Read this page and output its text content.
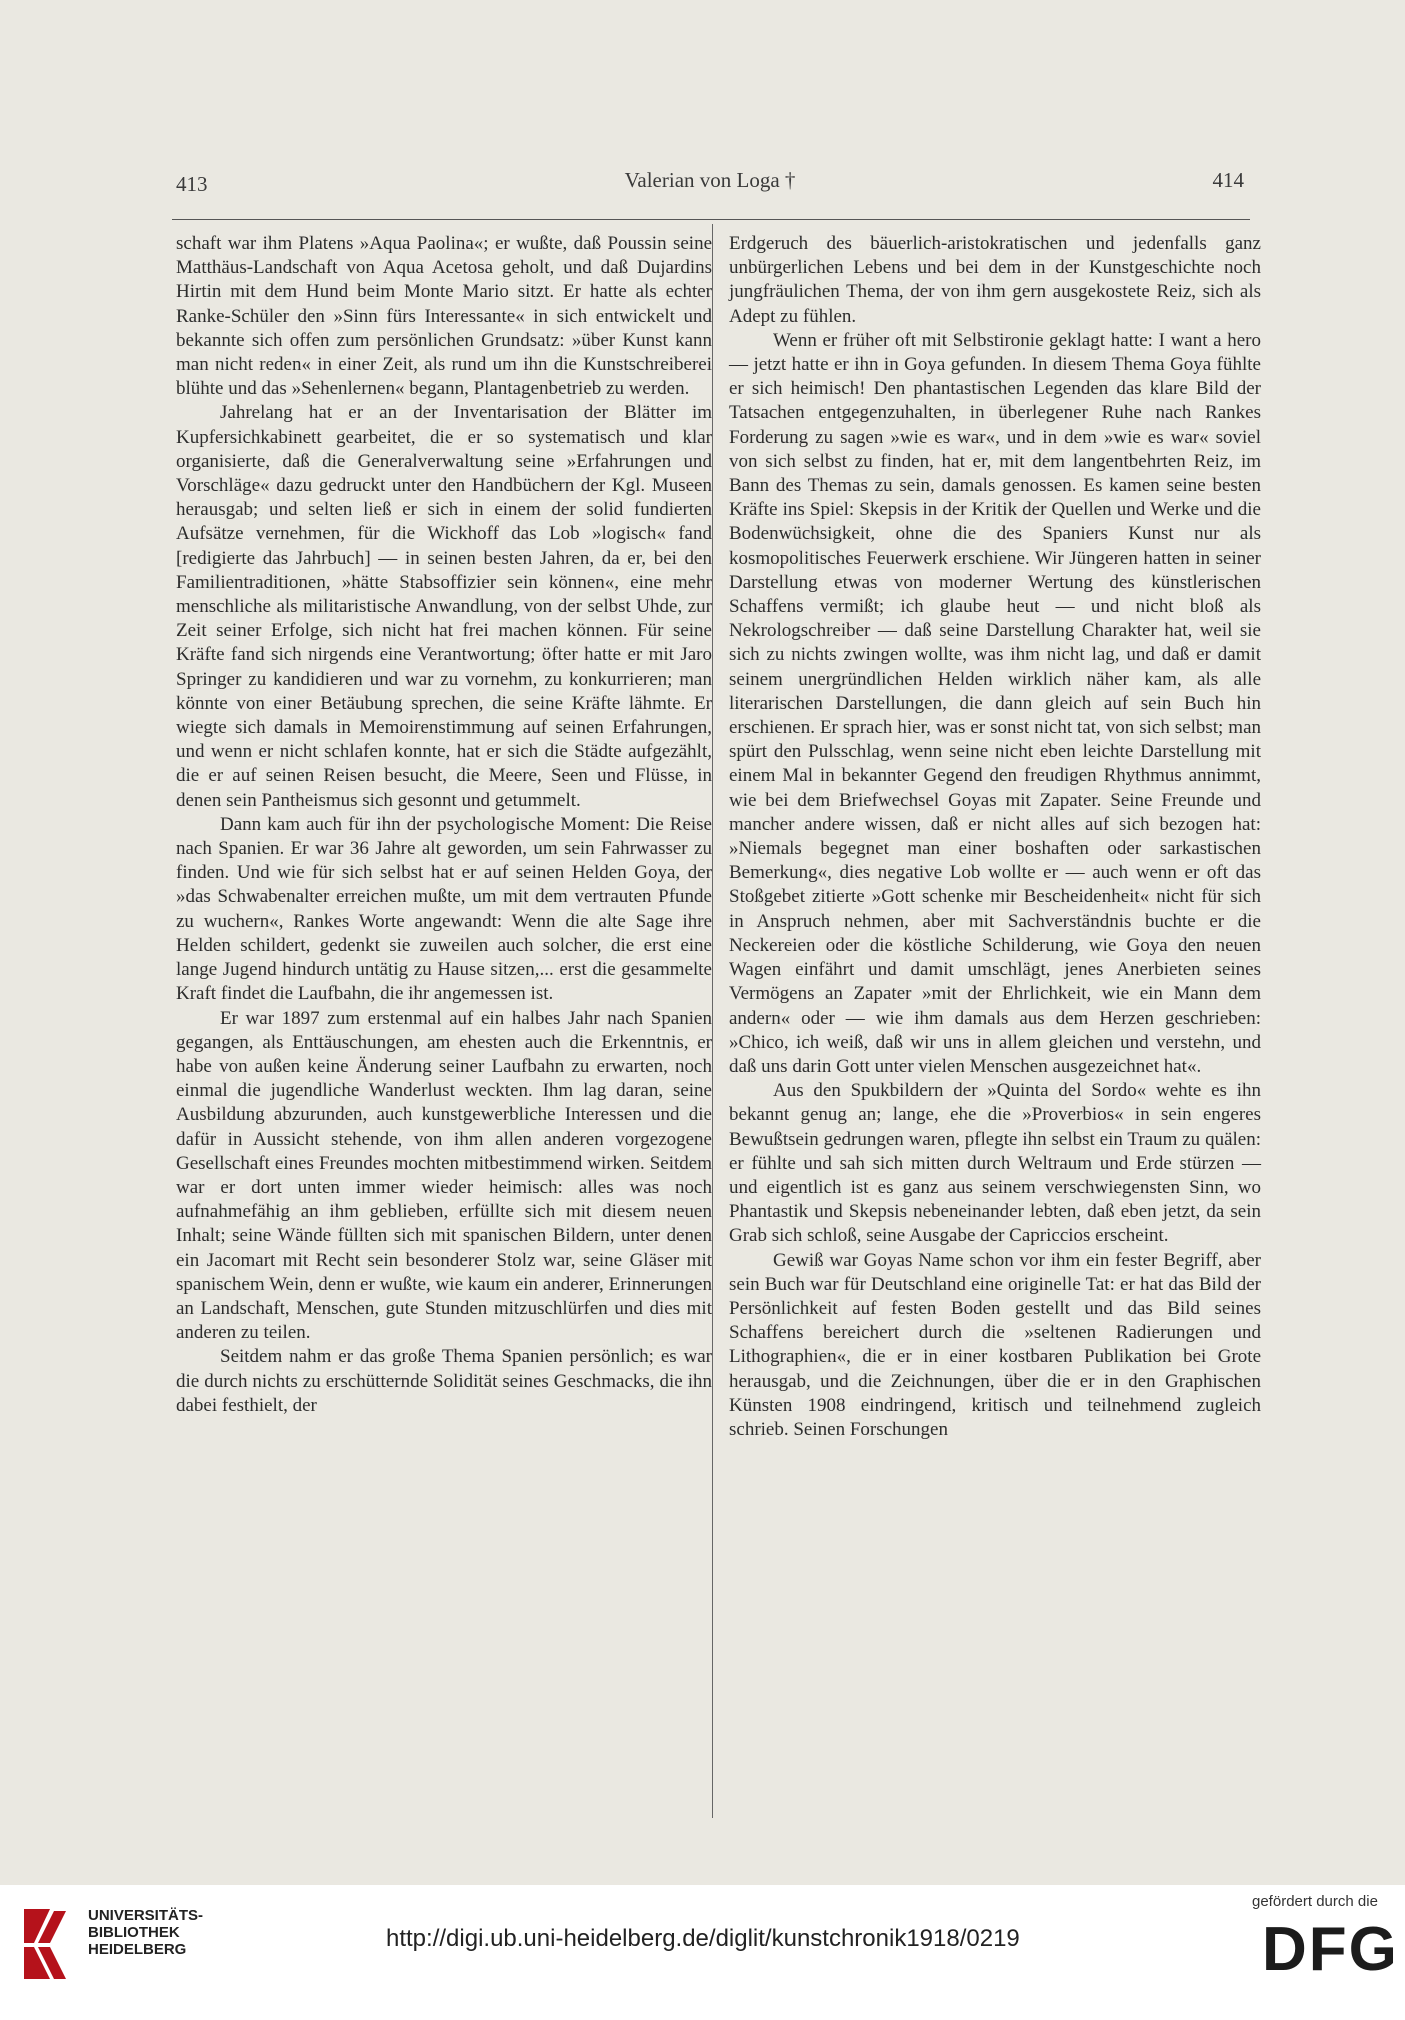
413	Valerian von Loga †	414

schaft war ihm Platens »Aqua Paolina«; er wußte, daß Poussin seine Matthäus-Landschaft von Aqua Acetosa geholt, und daß Dujardins Hirtin mit dem Hund beim Monte Mario sitzt. Er hatte als echter Ranke-Schüler den »Sinn fürs Interessante« in sich entwickelt und bekannte sich offen zum persönlichen Grundsatz: »über Kunst kann man nicht reden« in einer Zeit, als rund um ihn die Kunstschreiberei blühte und das »Sehenlernen« begann, Plantagenbetrieb zu werden.

Jahrelang hat er an der Inventarisation der Blätter im Kupfersichkabinett gearbeitet, die er so systematisch und klar organisierte, daß die Generalverwaltung seine »Erfahrungen und Vorschläge« dazu gedruckt unter den Handbüchern der Kgl. Museen herausgab; und selten ließ er sich in einem der solid fundierten Aufsätze vernehmen, für die Wickhoff das Lob »logisch« fand [redigierte das Jahrbuch] — in seinen besten Jahren, da er, bei den Familientraditionen, »hätte Stabsoffizier sein können«, eine mehr menschliche als militaristische Anwandlung, von der selbst Uhde, zur Zeit seiner Erfolge, sich nicht hat frei machen können. Für seine Kräfte fand sich nirgends eine Verantwortung; öfter hatte er mit Jaro Springer zu kandidieren und war zu vornehm, zu konkurrieren; man könnte von einer Betäubung sprechen, die seine Kräfte lähmte. Er wiegte sich damals in Memoirenstimmung auf seinen Erfahrungen, und wenn er nicht schlafen konnte, hat er sich die Städte aufgezählt, die er auf seinen Reisen besucht, die Meere, Seen und Flüsse, in denen sein Pantheismus sich gesonnt und getummelt.

Dann kam auch für ihn der psychologische Moment: Die Reise nach Spanien. Er war 36 Jahre alt geworden, um sein Fahrwasser zu finden. Und wie für sich selbst hat er auf seinen Helden Goya, der »das Schwabenalter erreichen mußte, um mit dem vertrauten Pfunde zu wuchern«, Rankes Worte angewandt: Wenn die alte Sage ihre Helden schildert, gedenkt sie zuweilen auch solcher, die erst eine lange Jugend hindurch untätig zu Hause sitzen,... erst die gesammelte Kraft findet die Laufbahn, die ihr angemessen ist.

Er war 1897 zum erstenmal auf ein halbes Jahr nach Spanien gegangen, als Enttäuschungen, am ehesten auch die Erkenntnis, er habe von außen keine Änderung seiner Laufbahn zu erwarten, noch einmal die jugendliche Wanderlust weckten. Ihm lag daran, seine Ausbildung abzurunden, auch kunstgewerbliche Interessen und die dafür in Aussicht stehende, von ihm allen anderen vorgezogene Gesellschaft eines Freundes mochten mitbestimmend wirken. Seitdem war er dort unten immer wieder heimisch: alles was noch aufnahmefähig an ihm geblieben, erfüllte sich mit diesem neuen Inhalt; seine Wände füllten sich mit spanischen Bildern, unter denen ein Jacomart mit Recht sein besonderer Stolz war, seine Gläser mit spanischem Wein, denn er wußte, wie kaum ein anderer, Erinnerungen an Landschaft, Menschen, gute Stunden mitzuschlürfen und dies mit anderen zu teilen.

Seitdem nahm er das große Thema Spanien persönlich; es war die durch nichts zu erschütternde Solidität seines Geschmacks, die ihn dabei festhielt, der

Erdgeruch des bäuerlich-aristokratischen und jedenfalls ganz unbürgerlichen Lebens und bei dem in der Kunstgeschichte noch jungfräulichen Thema, der von ihm gern ausgekostete Reiz, sich als Adept zu fühlen.

Wenn er früher oft mit Selbstironie geklagt hatte: I want a hero — jetzt hatte er ihn in Goya gefunden. In diesem Thema Goya fühlte er sich heimisch! Den phantastischen Legenden das klare Bild der Tatsachen entgegenzuhalten, in überlegener Ruhe nach Rankes Forderung zu sagen »wie es war«, und in dem »wie es war« soviel von sich selbst zu finden, hat er, mit dem langentbehrten Reiz, im Bann des Themas zu sein, damals genossen. Es kamen seine besten Kräfte ins Spiel: Skepsis in der Kritik der Quellen und Werke und die Bodenwüchsigkeit, ohne die des Spaniers Kunst nur als kosmopolitisches Feuerwerk erschiene. Wir Jüngeren hatten in seiner Darstellung etwas von moderner Wertung des künstlerischen Schaffens vermißt; ich glaube heut — und nicht bloß als Nekrologschreiber — daß seine Darstellung Charakter hat, weil sie sich zu nichts zwingen wollte, was ihm nicht lag, und daß er damit seinem unergründlichen Helden wirklich näher kam, als alle literarischen Darstellungen, die dann gleich auf sein Buch hin erschienen. Er sprach hier, was er sonst nicht tat, von sich selbst; man spürt den Pulsschlag, wenn seine nicht eben leichte Darstellung mit einem Mal in bekannter Gegend den freudigen Rhythmus annimmt, wie bei dem Briefwechsel Goyas mit Zapater. Seine Freunde und mancher andere wissen, daß er nicht alles auf sich bezogen hat: »Niemals begegnet man einer boshaften oder sarkastischen Bemerkung«, dies negative Lob wollte er — auch wenn er oft das Stoßgebet zitierte »Gott schenke mir Bescheidenheit« nicht für sich in Anspruch nehmen, aber mit Sachverständnis buchte er die Neckereien oder die köstliche Schilderung, wie Goya den neuen Wagen einfährt und damit umschlägt, jenes Anerbieten seines Vermögens an Zapater »mit der Ehrlichkeit, wie ein Mann dem andern« oder — wie ihm damals aus dem Herzen geschrieben: »Chico, ich weiß, daß wir uns in allem gleichen und verstehn, und daß uns darin Gott unter vielen Menschen ausgezeichnet hat«.

Aus den Spukbildern der »Quinta del Sordo« wehte es ihn bekannt genug an; lange, ehe die »Proverbios« in sein engeres Bewußtsein gedrungen waren, pflegte ihn selbst ein Traum zu quälen: er fühlte und sah sich mitten durch Weltraum und Erde stürzen — und eigentlich ist es ganz aus seinem verschwiegensten Sinn, wo Phantastik und Skepsis nebeneinander lebten, daß eben jetzt, da sein Grab sich schloß, seine Ausgabe der Capriccios erscheint.

Gewiß war Goyas Name schon vor ihm ein fester Begriff, aber sein Buch war für Deutschland eine originelle Tat: er hat das Bild der Persönlichkeit auf festen Boden gestellt und das Bild seines Schaffens bereichert durch die »seltenen Radierungen und Lithographien«, die er in einer kostbaren Publikation bei Grote herausgab, und die Zeichnungen, über die er in den Graphischen Künsten 1908 eindringend, kritisch und teilnehmend zugleich schrieb. Seinen Forschungen

UNIVERSITÄTS-
BIBLIOTHEK
HEIDELBERG	http://digi.ub.uni-heidelberg.de/diglit/kunstchronik1918/0219
gefördert durch die
DFG
